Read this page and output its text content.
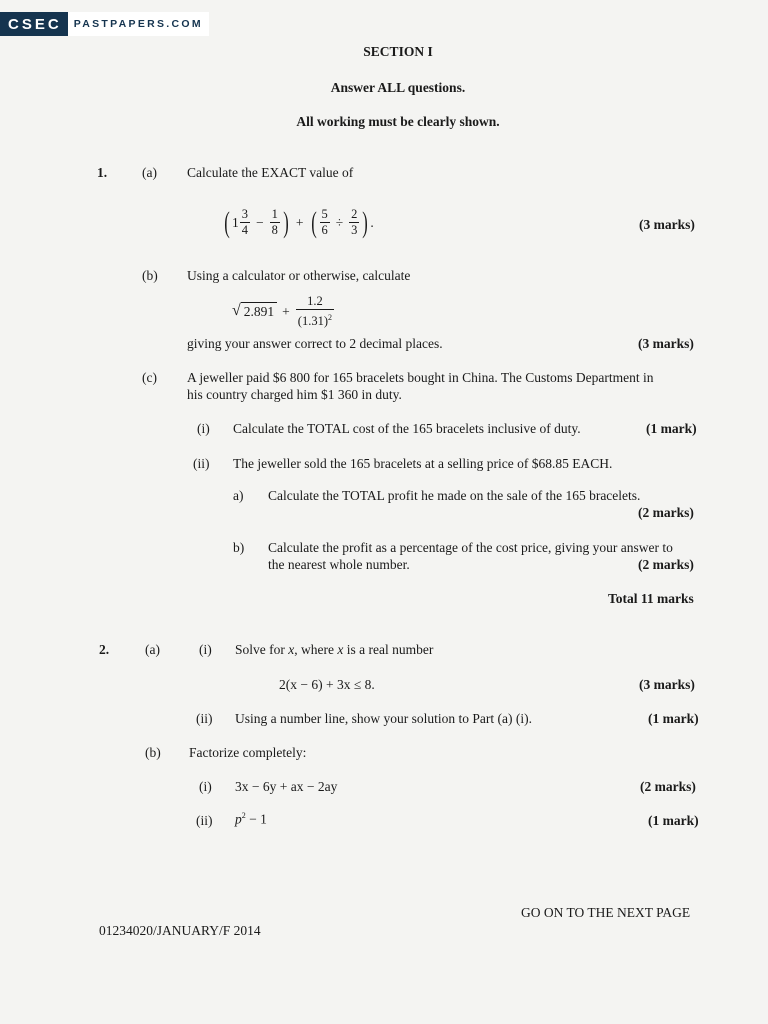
CSEC	PASTPAPERS.COM
SECTION I
Answer ALL questions.
All working must be clearly shown.
1.	(a) Calculate the EXACT value of
( $1 \frac{3}{4} - \frac{1}{8}$ ) + ( $\frac{5}{6} \div \frac{2}{3}$ ) .	(3 marks)
(b) Using a calculator or otherwise, calculate
√ $2.891 + \frac{1.2}{(1.31)^2}$
giving your answer correct to 2 decimal places.	(3 marks)
(c) A jeweller paid $6 800 for 165 bracelets bought in China. The Customs Department in
his country charged him $1 360 in duty.
(i) Calculate the TOTAL cost of the 165 bracelets inclusive of duty.	(1 mark)
(ii) The jeweller sold the 165 bracelets at a selling price of $68.85 EACH.
a) Calculate the TOTAL profit he made on the sale of the 165 bracelets.
(2 marks)
b) Calculate the profit as a percentage of the cost price, giving your answer to
the nearest whole number.	(2 marks)
Total 11 marks
2.	(a)	(i) Solve for x, where x is a real number
2(x − 6) + 3x ≤ 8.	(3 marks)
(ii) Using a number line, show your solution to Part (a) (i).	(1 mark)
(b) Factorize completely:
(i) 3x − 6y + ax − 2ay	(2 marks)
(ii) $p^2 - 1$	(1 mark)
GO ON TO THE NEXT PAGE
01234020/JANUARY/F 2014
